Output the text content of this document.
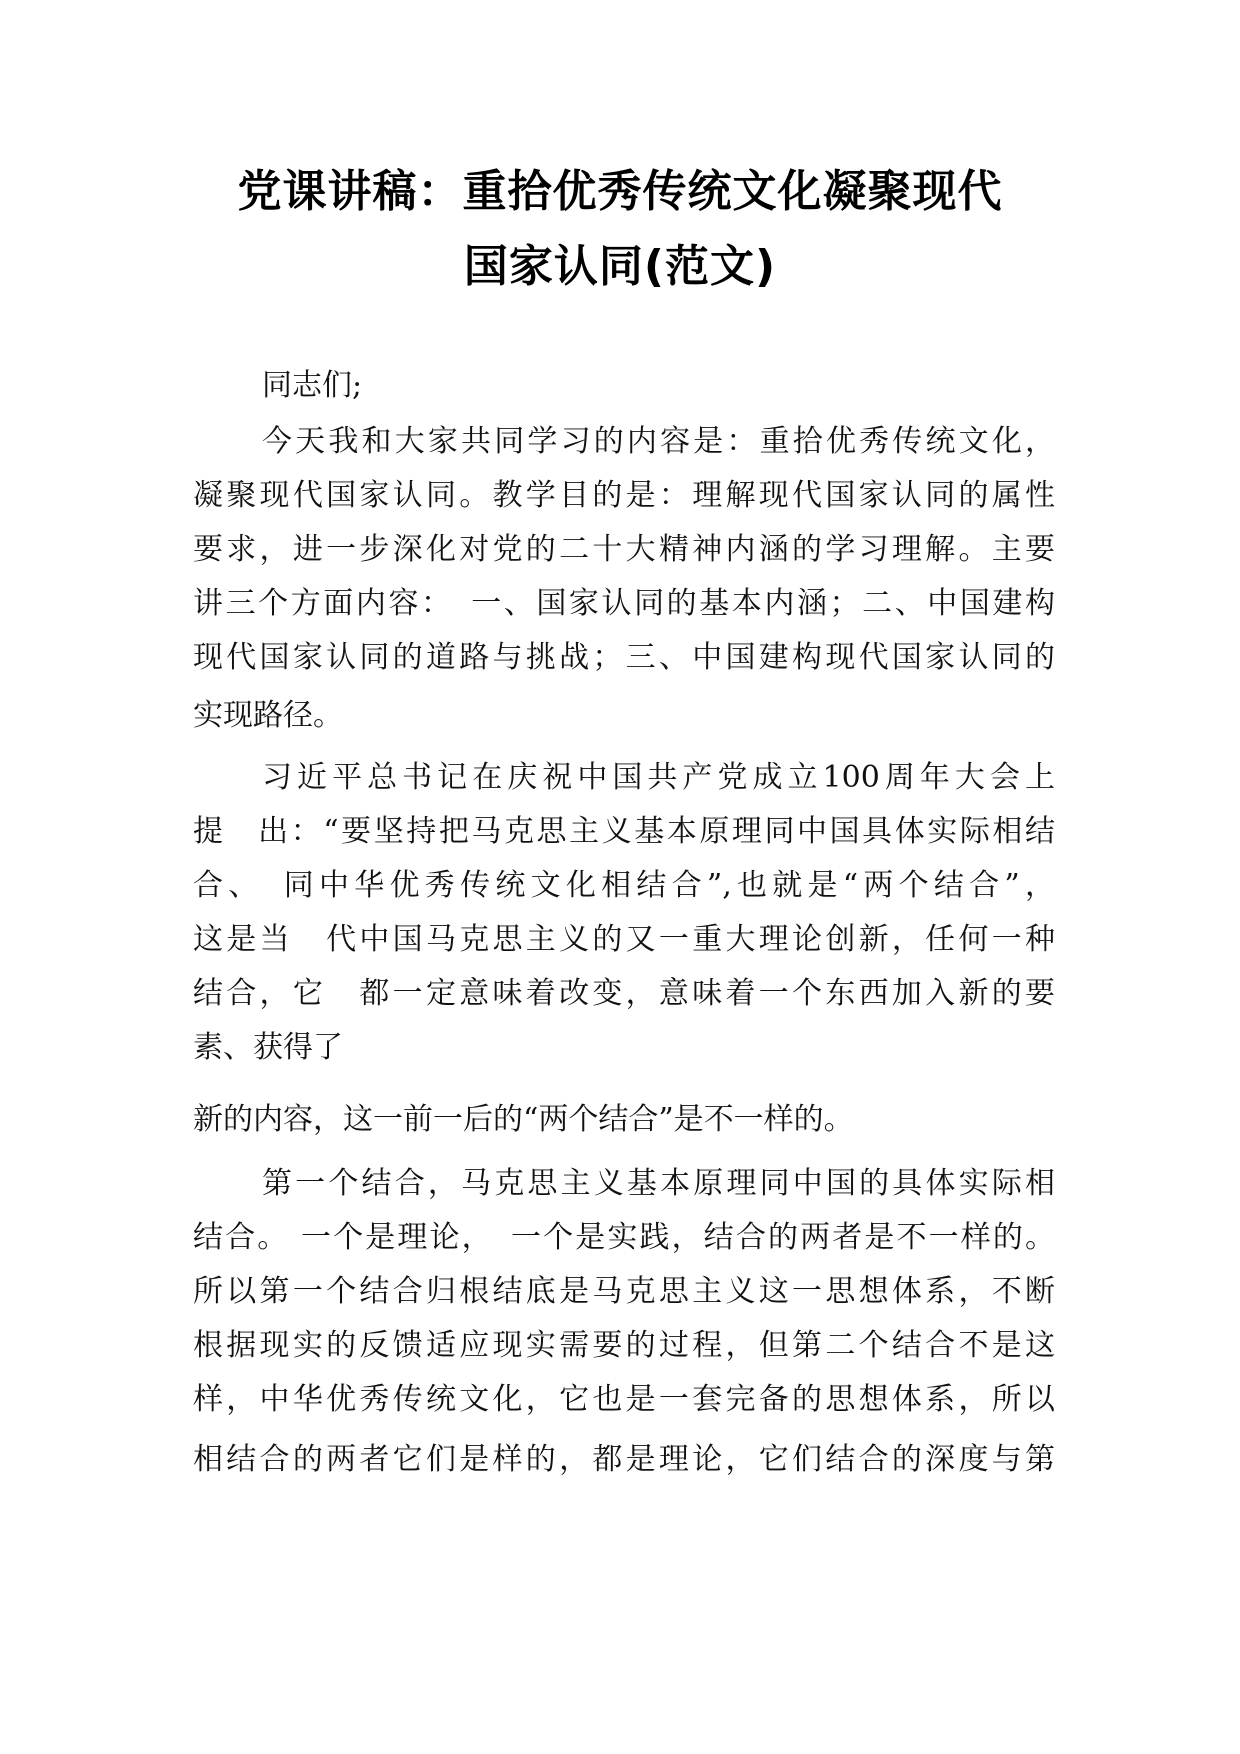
党课讲稿：重拾优秀传统文化凝聚现代
国家认同(范文)
同志们;
今天我和大家共同学习的内容是：重拾优秀传统文化，
凝聚现代国家认同。教学目的是：理解现代国家认同的属性
要求，进一步深化对党的二十大精神内涵的学习理解。主要
讲三个方面内容：　一、国家认同的基本内涵；二、中国建构
现代国家认同的道路与挑战；三、中国建构现代国家认同的
实现路径。
习近平总书记在庆祝中国共产党成立100周年大会上
提　出：“要坚持把马克思主义基本原理同中国具体实际相结
合、　同中华优秀传统文化相结合”,也就是“两个结合”，
这是当　代中国马克思主义的又一重大理论创新，任何一种
结合，它　都一定意味着改变，意味着一个东西加入新的要
素、获得了
新的内容，这一前一后的“两个结合”是不一样的。
第一个结合，马克思主义基本原理同中国的具体实际相
结合。 一个是理论，　一个是实践，结合的两者是不一样的。
所以第一个结合归根结底是马克思主义这一思想体系，不断
根据现实的反馈适应现实需要的过程，但第二个结合不是这
样，中华优秀传统文化，它也是一套完备的思想体系，所以
相结合的两者它们是样的，都是理论，它们结合的深度与第
